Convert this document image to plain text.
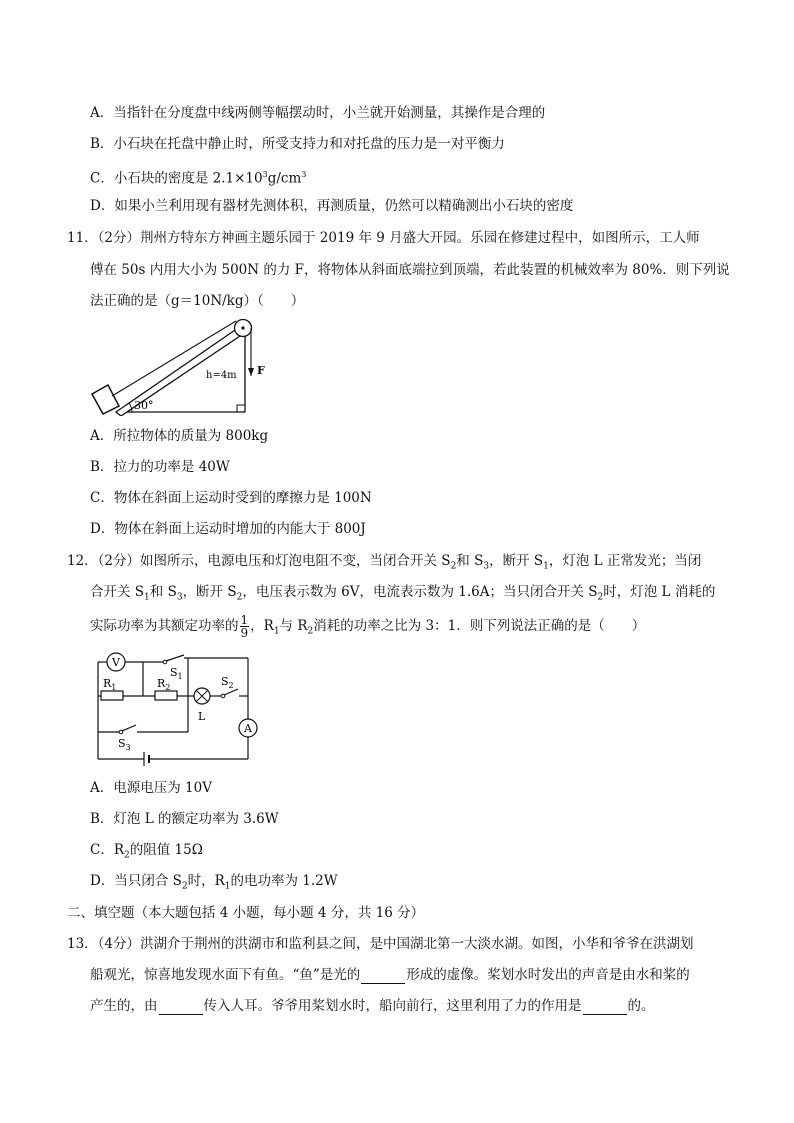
A．当指针在分度盘中线两侧等幅摆动时，小兰就开始测量，其操作是合理的
B．小石块在托盘中静止时，所受支持力和对托盘的压力是一对平衡力
C．小石块的密度是 $2.1\times 10^3g/cm^3$
D．如果小兰利用现有器材先测体积，再测质量，仍然可以精确测出小石块的密度
11．（2分）荆州方特东方神画主题乐园于 2019 年 9 月盛大开园。乐园在修建过程中，如图所示，工人师
傅在 50s 内用大小为 500N 的力 F，将物体从斜面底端拉到顶端，若此装置的机械效率为 80%．则下列说
法正确的是（g＝10N/kg）（　　）
30°
h=4m F
A．所拉物体的质量为 800kg
B．拉力的功率是 40W
C．物体在斜面上运动时受到的摩擦力是 100N
D．物体在斜面上运动时增加的内能大于 800J
12．（2分）如图所示，电源电压和灯泡电阻不变，当闭合开关 $S_2$和 $S_3$，断开 $S_1$，灯泡 L 正常发光；当闭
合开关 $S_1$和 $S_3$，断开 $S_2$，电压表示数为 6V，电流表示数为 1.6A；当只闭合开关 $S_2$时，灯泡 L 消耗的
实际功率为其额定功率的 $\frac{1}{9}$ ，$R_1$与 $R_2$消耗的功率之比为 3：1．则下列说法正确的是（　　）
V
$S_1$
$R_1$	$R_2$
L
$S_2$
A
$S_3$
A．电源电压为 10V
B．灯泡 L 的额定功率为 3.6W
C．$R_2$的阻值 15Ω
D．当只闭合 $S_2$时，$R_1$的电功率为 1.2W
二、填空题（本大题包括 4 小题，每小题 4 分，共 16 分）
13．（4分）洪湖介于荆州的洪湖市和监利县之间，是中国湖北第一大淡水湖。如图，小华和爷爷在洪湖划
船观光，惊喜地发现水面下有鱼。“鱼”是光的	形成的虚像。桨划水时发出的声音是由水和桨的
产生的，由	传入人耳。爷爷用桨划水时，船向前行，这里利用了力的作用是	的。
